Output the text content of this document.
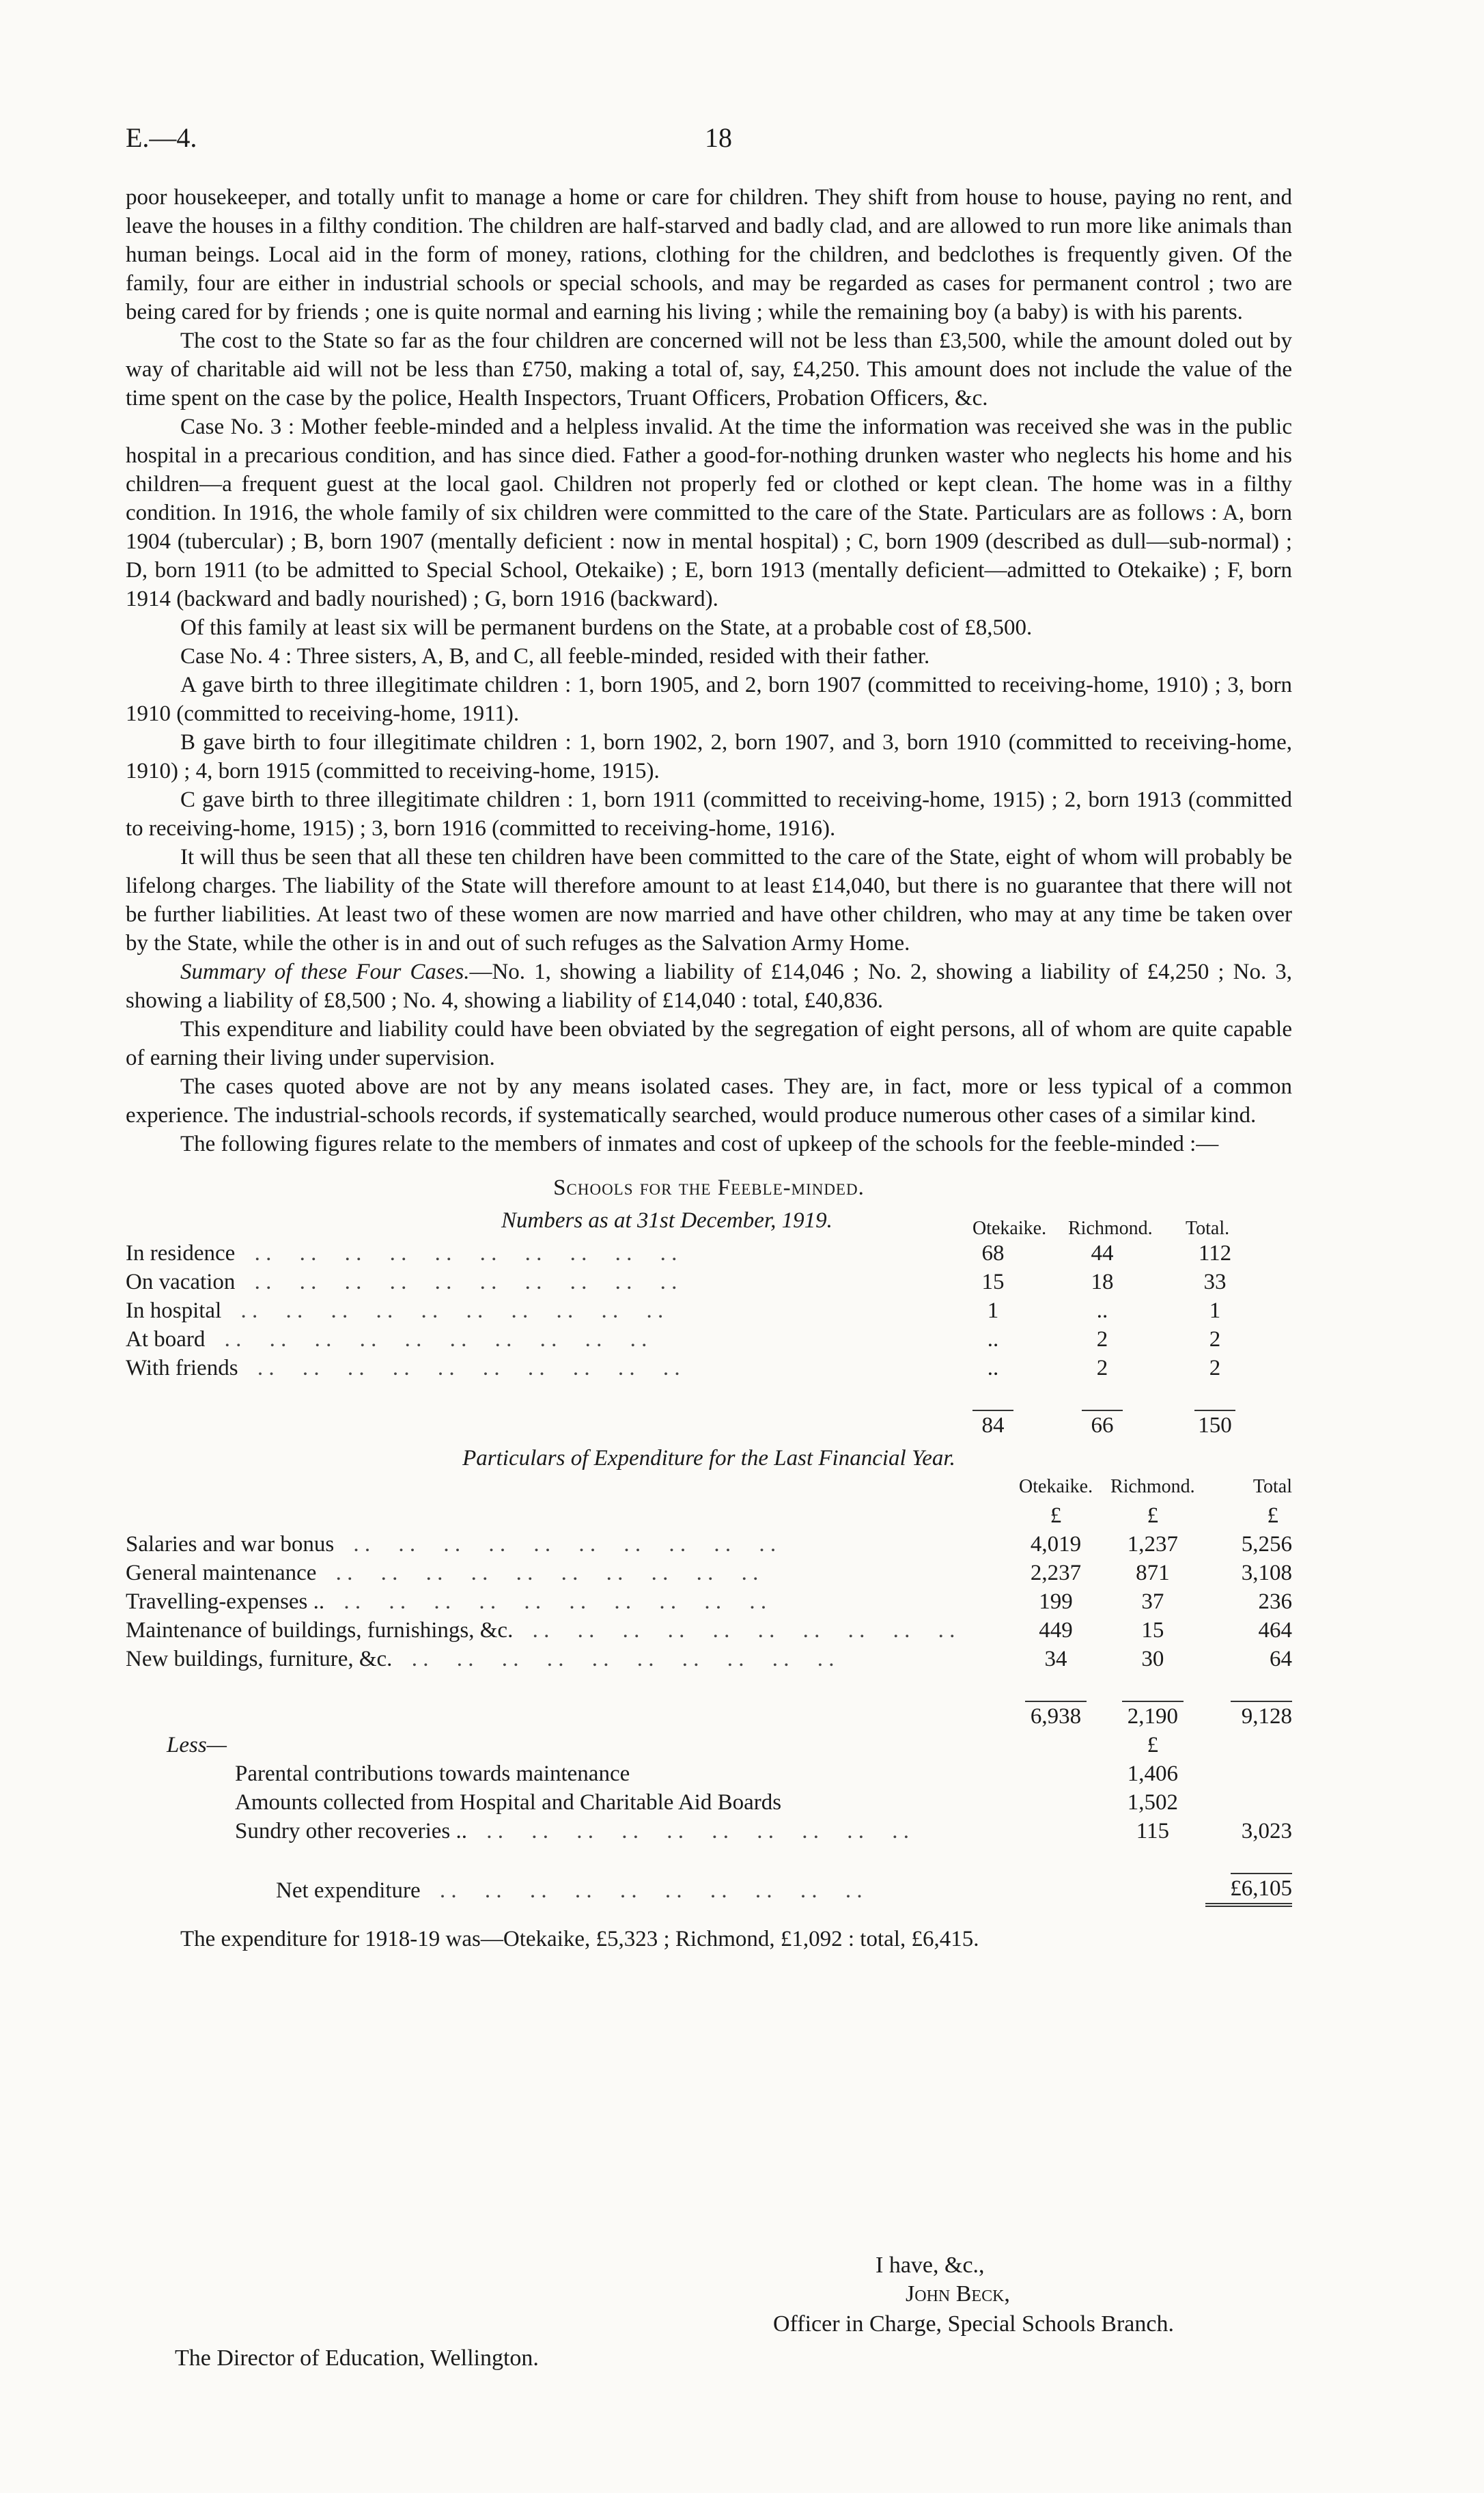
E.—4.	18

poor housekeeper, and totally unfit to manage a home or care for children. They shift from house to house, paying no rent, and leave the houses in a filthy condition. The children are half-starved and badly clad, and are allowed to run more like animals than human beings. Local aid in the form of money, rations, clothing for the children, and bedclothes is frequently given. Of the family, four are either in industrial schools or special schools, and may be regarded as cases for permanent control ; two are being cared for by friends ; one is quite normal and earning his living ; while the remaining boy (a baby) is with his parents.

The cost to the State so far as the four children are concerned will not be less than £3,500, while the amount doled out by way of charitable aid will not be less than £750, making a total of, say, £4,250. This amount does not include the value of the time spent on the case by the police, Health Inspectors, Truant Officers, Probation Officers, &c.

Case No. 3 : Mother feeble-minded and a helpless invalid. At the time the information was received she was in the public hospital in a precarious condition, and has since died. Father a good-for-nothing drunken waster who neglects his home and his children—a frequent guest at the local gaol. Children not properly fed or clothed or kept clean. The home was in a filthy condition. In 1916, the whole family of six children were committed to the care of the State. Particulars are as follows : A, born 1904 (tubercular) ; B, born 1907 (mentally deficient : now in mental hospital) ; C, born 1909 (described as dull—sub-normal) ; D, born 1911 (to be admitted to Special School, Otekaike) ; E, born 1913 (mentally deficient—admitted to Otekaike) ; F, born 1914 (backward and badly nourished) ; G, born 1916 (backward).

Of this family at least six will be permanent burdens on the State, at a probable cost of £8,500.

Case No. 4 : Three sisters, A, B, and C, all feeble-minded, resided with their father.

A gave birth to three illegitimate children : 1, born 1905, and 2, born 1907 (committed to receiving-home, 1910) ; 3, born 1910 (committed to receiving-home, 1911).

B gave birth to four illegitimate children : 1, born 1902, 2, born 1907, and 3, born 1910 (committed to receiving-home, 1910) ; 4, born 1915 (committed to receiving-home, 1915).

C gave birth to three illegitimate children : 1, born 1911 (committed to receiving-home, 1915) ; 2, born 1913 (committed to receiving-home, 1915) ; 3, born 1916 (committed to receiving-home, 1916).

It will thus be seen that all these ten children have been committed to the care of the State, eight of whom will probably be lifelong charges. The liability of the State will therefore amount to at least £14,040, but there is no guarantee that there will not be further liabilities. At least two of these women are now married and have other children, who may at any time be taken over by the State, while the other is in and out of such refuges as the Salvation Army Home.

Summary of these Four Cases.—No. 1, showing a liability of £14,046 ; No. 2, showing a liability of £4,250 ; No. 3, showing a liability of £8,500 ; No. 4, showing a liability of £14,040 : total, £40,836.

This expenditure and liability could have been obviated by the segregation of eight persons, all of whom are quite capable of earning their living under supervision.

The cases quoted above are not by any means isolated cases. They are, in fact, more or less typical of a common experience. The industrial-schools records, if systematically searched, would produce numerous other cases of a similar kind.

The following figures relate to the members of inmates and cost of upkeep of the schools for the feeble-minded :—

Schools for the Feeble-minded.
Numbers as at 31st December, 1919.	Otekaike. Richmond. Total.
In residence . .	68	44	112
On vacation . .	15	18	33
In hospital . .	1	..	1
At board . .	..	2	2
With friends . .	..	2	2

	84	66	150
Particulars of Expenditure for the Last Financial Year.
	Otekaike.	Richmond.	Total
	£	£	£
Salaries and war bonus . .	4,019	1,237	5,256
General maintenance . .	2,237	871	3,108
Travelling-expenses .. . .	199	37	236
Maintenance of buildings, furnishings, &c. . .	449	15	464
New buildings, furniture, &c. . .	34	30	64

	6,938	2,190	9,128
Less—		£	
Parental contributions towards maintenance		1,406	
Amounts collected from Hospital and Charitable Aid Boards		1,502	
Sundry other recoveries .. . .		115	3,023

Net expenditure . .			£6,105

The expenditure for 1918-19 was—Otekaike, £5,323 ; Richmond, £1,092 : total, £6,415.

I have, &c.,
John Beck,
Officer in Charge, Special Schools Branch.
The Director of Education, Wellington.
